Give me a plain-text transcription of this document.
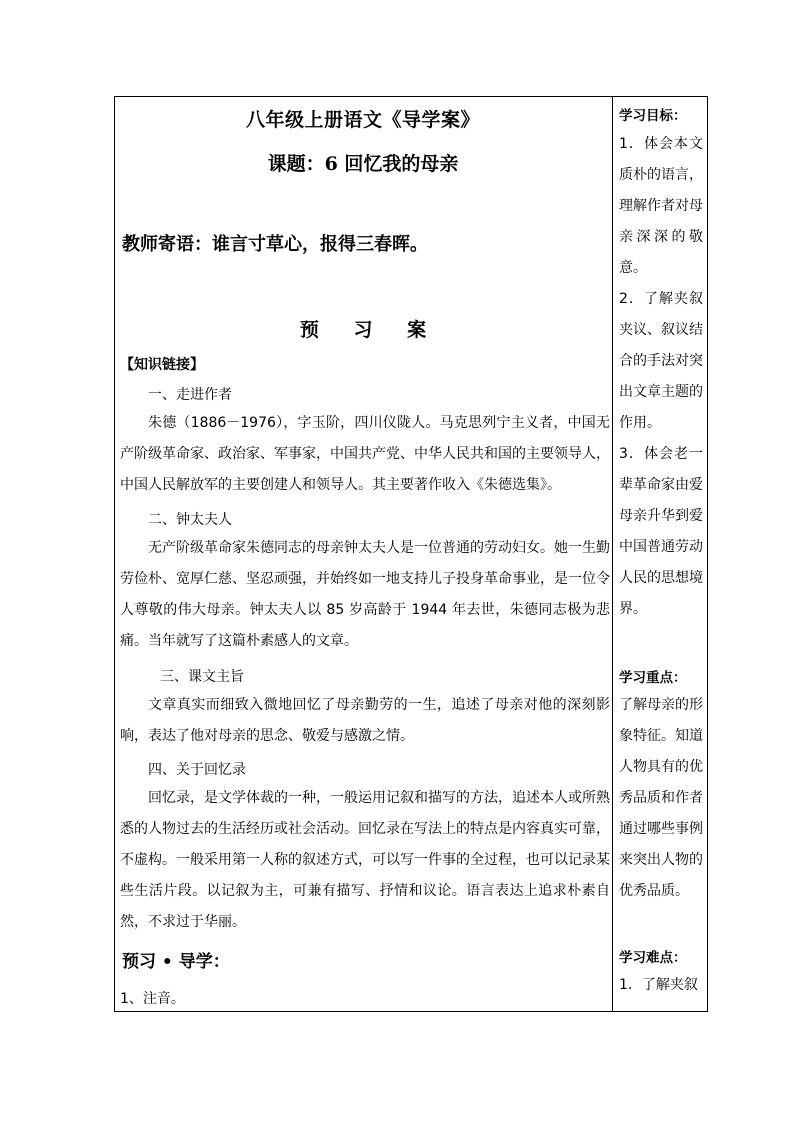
八年级上册语文《导学案》
课题：6 回忆我的母亲
教师寄语：谁言寸草心，报得三春晖。
预 习 案
【知识链接】
一、走进作者
朱德（1886－1976），字玉阶，四川仪陇人。马克思列宁主义者，中国无产阶级革命家、政治家、军事家，中国共产党、中华人民共和国的主要领导人，中国人民解放军的主要创建人和领导人。其主要著作收入《朱德选集》。
二、钟太夫人
无产阶级革命家朱德同志的母亲钟太夫人是一位普通的劳动妇女。她一生勤劳俭朴、宽厚仁慈、坚忍顽强，并始终如一地支持儿子投身革命事业，是一位令人尊敬的伟大母亲。钟太夫人以 85 岁高龄于 1944 年去世，朱德同志极为悲痛。当年就写了这篇朴素感人的文章。
三、课文主旨
文章真实而细致入微地回忆了母亲勤劳的一生，追述了母亲对他的深刻影响，表达了他对母亲的思念、敬爱与感激之情。
四、关于回忆录
回忆录，是文学体裁的一种，一般运用记叙和描写的方法，追述本人或所熟悉的人物过去的生活经历或社会活动。回忆录在写法上的特点是内容真实可靠，不虚构。一般采用第一人称的叙述方式，可以写一件事的全过程，也可以记录某些生活片段。以记叙为主，可兼有描写、抒情和议论。语言表达上追求朴素自然，不求过于华丽。
预习 • 导学：
1、注音。
学习目标：
1．体会本文质朴的语言，理解作者对母亲深深的敬意。
2．了解夹叙夹议、叙议结合的手法对突出文章主题的作用。
3．体会老一辈革命家由爱母亲升华到爱中国普通劳动人民的思想境界。
学习重点：
了解母亲的形象特征。知道人物具有的优秀品质和作者通过哪些事例来突出人物的优秀品质。
学习难点：
1．了解夹叙
